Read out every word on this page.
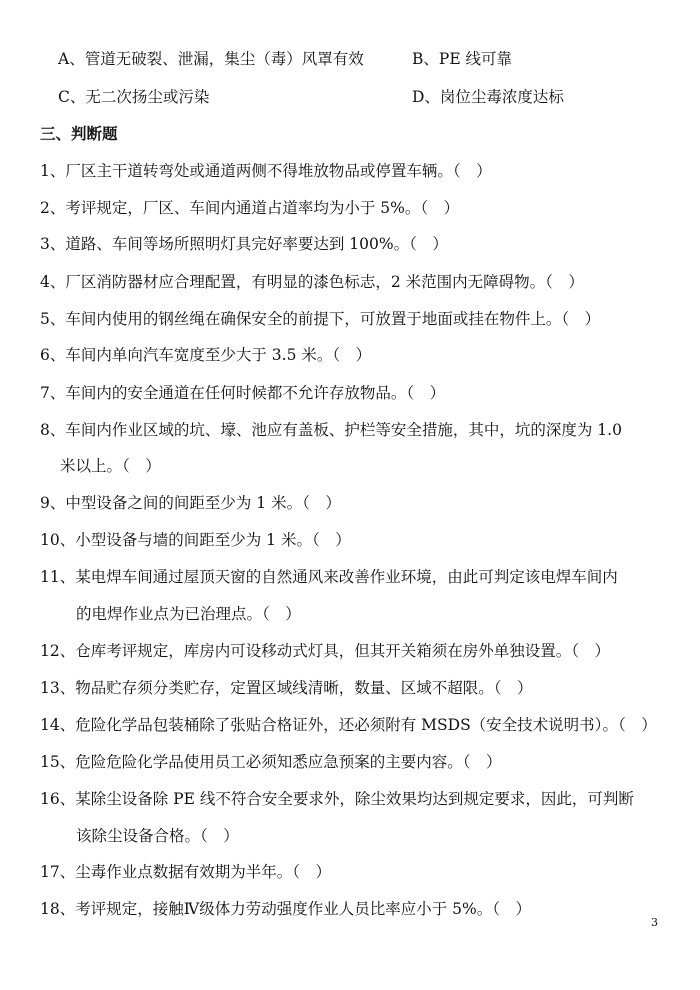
A、管道无破裂、泄漏，集尘（毒）风罩有效	B、PE 线可靠
C、无二次扬尘或污染	D、岗位尘毒浓度达标
三、判断题
1、厂区主干道转弯处或通道两侧不得堆放物品或停置车辆。（　）
2、考评规定，厂区、车间内通道占道率均为小于 5%。（　）
3、道路、车间等场所照明灯具完好率要达到 100%。（　）
4、厂区消防器材应合理配置，有明显的漆色标志，2 米范围内无障碍物。（　）
5、车间内使用的钢丝绳在确保安全的前提下，可放置于地面或挂在物件上。（　）
6、车间内单向汽车宽度至少大于 3.5 米。（　）
7、车间内的安全通道在任何时候都不允许存放物品。（　）
8、车间内作业区域的坑、壕、池应有盖板、护栏等安全措施，其中，坑的深度为 1.0
米以上。（　）
9、中型设备之间的间距至少为 1 米。（　）
10、小型设备与墙的间距至少为 1 米。（　）
11、某电焊车间通过屋顶天窗的自然通风来改善作业环境，由此可判定该电焊车间内
的电焊作业点为已治理点。（　）
12、仓库考评规定，库房内可设移动式灯具，但其开关箱须在房外单独设置。（　）
13、物品贮存须分类贮存，定置区域线清晰，数量、区域不超限。（　）
14、危险化学品包装桶除了张贴合格证外，还必须附有 MSDS（安全技术说明书）。（　）
15、危险危险化学品使用员工必须知悉应急预案的主要内容。（　）
16、某除尘设备除 PE 线不符合安全要求外，除尘效果均达到规定要求，因此，可判断
该除尘设备合格。（　）
17、尘毒作业点数据有效期为半年。（　）
18、考评规定，接触Ⅳ级体力劳动强度作业人员比率应小于 5%。（　）
3
